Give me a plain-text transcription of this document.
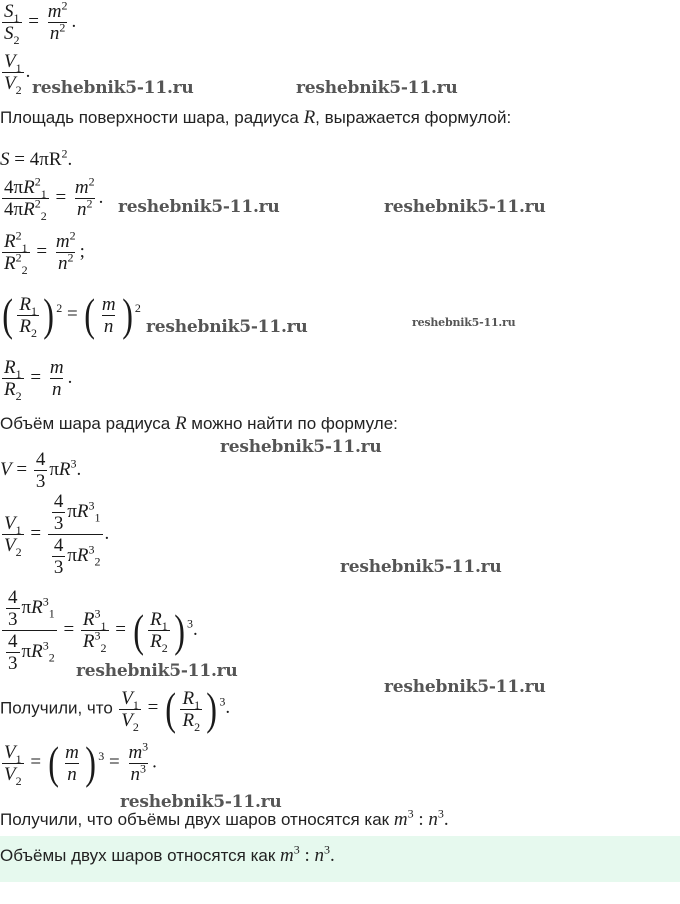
$\frac{S_1}{S_2} = \frac{m^2}{n^2}$ .
$\frac{V_1}{V_2}$ .
reshebnik5-11.ru	reshebnik5-11.ru
Площадь поверхности шара, радиуса R, выражается формулой:
$S = 4\pi R^2$.
$\frac{4\pi R^2_1}{4\pi R^2_2} = \frac{m^2}{n^2}$ . reshebnik5-11.ru	reshebnik5-11.ru
$\frac{R^2_1}{R^2_2} = \frac{m^2}{n^2}$ ;
( $\frac{R_1}{R_2}$ ) $^2$ = ( $\frac{m}{n}$ ) $^2$
reshebnik5-11.ru	reshebnik5-11.ru
$\frac{R_1}{R_2} = \frac{m}{n}$ .
Объём шара радиуса R можно найти по формуле:
reshebnik5-11.ru
$V = \frac{4}{3} \pi R^3$.
$\frac{V_1}{V_2} = \frac{\frac{4}{3} \pi R^3_1}{\frac{4}{3} \pi R^3_2}$ .
reshebnik5-11.ru
$\frac{\frac{4}{3} \pi R^3_1}{\frac{4}{3} \pi R^3_2} = \frac{R^3_1}{R^3_2}$ = ( $\frac{R_1}{R_2}$ ) $^3$.
reshebnik5-11.ru
reshebnik5-11.ru
Получили, что $\frac{V_1}{V_2}$ = ( $\frac{R_1}{R_2}$ ) $^3$.
$\frac{V_1}{V_2}$ = ( $\frac{m}{n}$ ) $^3 = \frac{m^3}{n^3}$ .
reshebnik5-11.ru
Получили, что объёмы двух шаров относятся как $m^3$ : $n^3$.
Объёмы двух шаров относятся как $m^3$ : $n^3$.
